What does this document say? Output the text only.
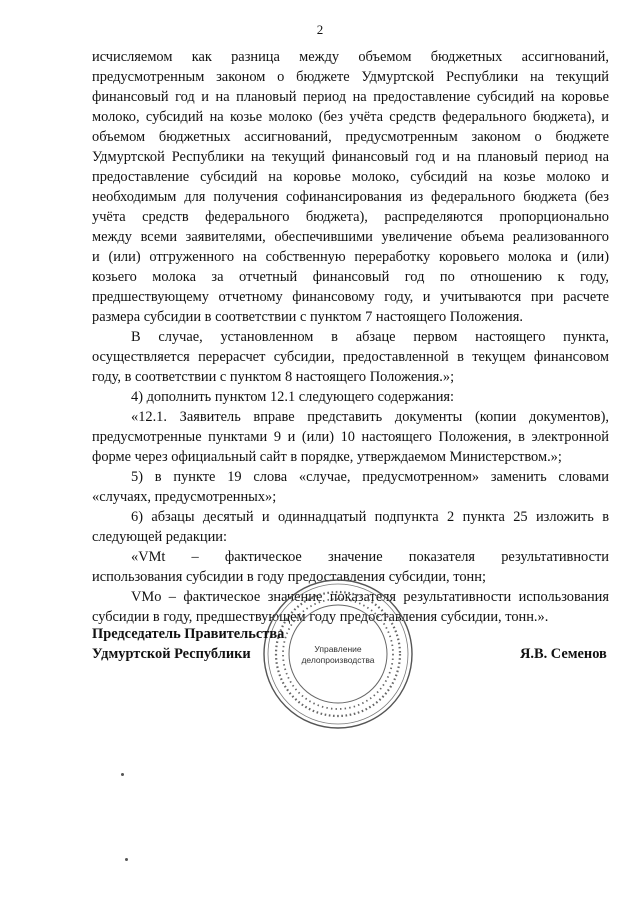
2
исчисляемом как разница между объемом бюджетных ассигнований,
предусмотренным законом о бюджете Удмуртской Республики на текущий
финансовый год и на плановый период на предоставление субсидий на коровье
молоко, субсидий на козье молоко (без учёта средств федерального бюджета), и
объемом бюджетных ассигнований, предусмотренным законом о бюджете
Удмуртской Республики на текущий финансовый год и на плановый период на
предоставление субсидий на коровье молоко, субсидий на козье молоко и
необходимым для получения софинансирования из федерального бюджета (без
учёта средств федерального бюджета), распределяются пропорционально
между всеми заявителями, обеспечившими увеличение объема реализованного
и (или) отгруженного на собственную переработку коровьего молока и (или)
козьего молока за отчетный финансовый год по отношению к году,
предшествующему отчетному финансовому году, и учитываются при расчете
размера субсидии в соответствии с пунктом 7 настоящего Положения.
В случае, установленном в абзаце первом настоящего пункта,
осуществляется перерасчет субсидии, предоставленной в текущем финансовом
году, в соответствии с пунктом 8 настоящего Положения.»;
4) дополнить пунктом 12.1 следующего содержания:
«12.1. Заявитель вправе представить документы (копии документов),
предусмотренные пунктами 9 и (или) 10 настоящего Положения, в электронной
форме через официальный сайт в порядке, утверждаемом Министерством.»;
5) в пункте 19 слова «случае, предусмотренном» заменить словами
«случаях, предусмотренных»;
6) абзацы десятый и одиннадцатый подпункта 2 пункта 25 изложить в
следующей редакции:
«VMt – фактическое значение показателя результативности
использования субсидии в году предоставления субсидии, тонн;
VMo – фактическое значение показателя результативности использования
субсидии в году, предшествующем году предоставления субсидии, тонн.».
Управление
делопроизводства
Председатель Правительства
Удмуртской Республики	Я.В. Семенов
